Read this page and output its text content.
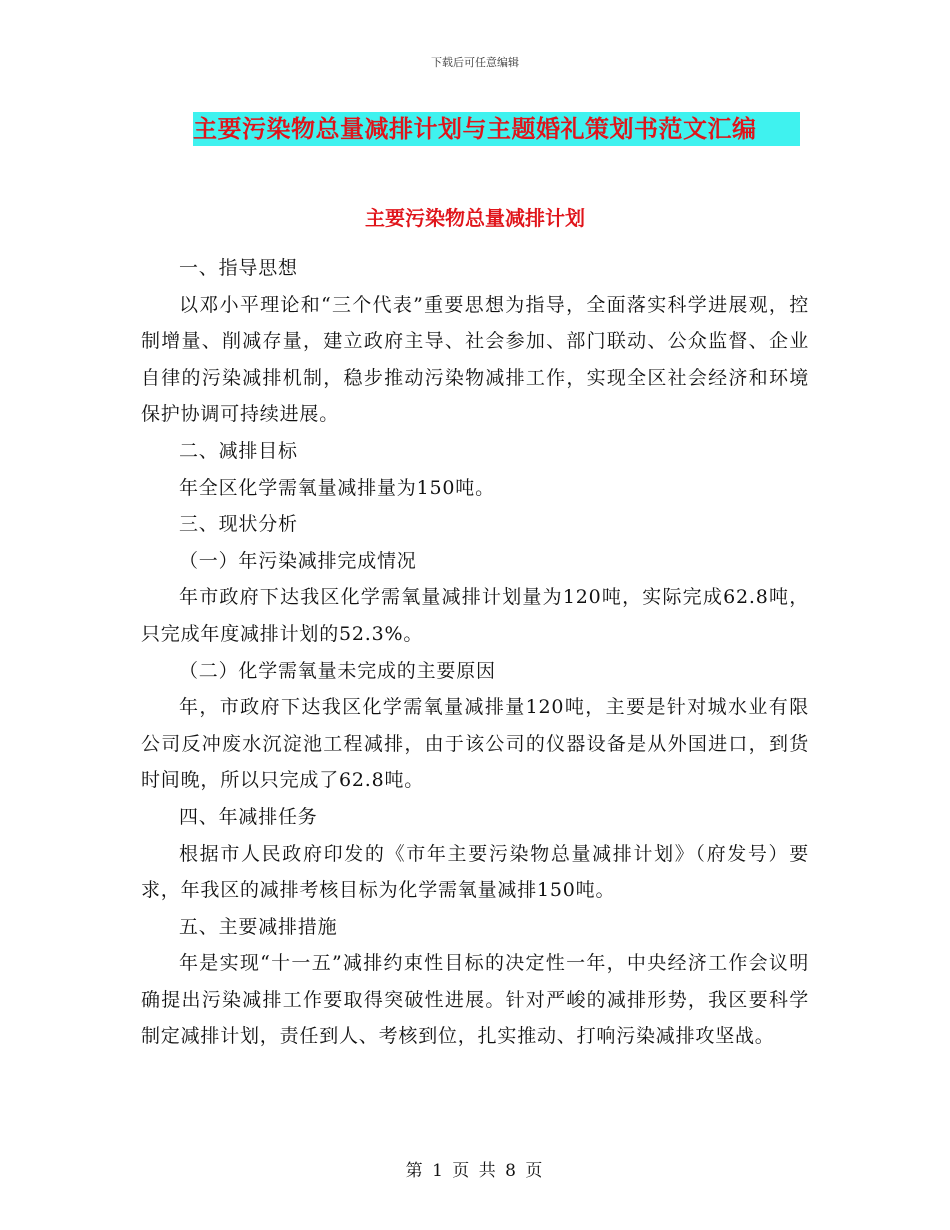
下载后可任意编辑
主要污染物总量减排计划与主题婚礼策划书范文汇编
主要污染物总量减排计划

一、指导思想

以邓小平理论和“三个代表”重要思想为指导，全面落实科学进展观，控制增量、削减存量，建立政府主导、社会参加、部门联动、公众监督、企业自律的污染减排机制，稳步推动污染物减排工作，实现全区社会经济和环境保护协调可持续进展。

二、减排目标

年全区化学需氧量减排量为150吨。

三、现状分析

（一）年污染减排完成情况

年市政府下达我区化学需氧量减排计划量为120吨，实际完成62.8吨，只完成年度减排计划的52.3%。

（二）化学需氧量未完成的主要原因

年，市政府下达我区化学需氧量减排量120吨，主要是针对城水业有限公司反冲废水沉淀池工程减排，由于该公司的仪器设备是从外国进口，到货时间晚，所以只完成了62.8吨。

四、年减排任务

根据市人民政府印发的《市年主要污染物总量减排计划》（府发号）要求，年我区的减排考核目标为化学需氧量减排150吨。

五、主要减排措施

年是实现“十一五”减排约束性目标的决定性一年，中央经济工作会议明确提出污染减排工作要取得突破性进展。针对严峻的减排形势，我区要科学制定减排计划，责任到人、考核到位，扎实推动、打响污染减排攻坚战。

第 1 页 共 8 页
